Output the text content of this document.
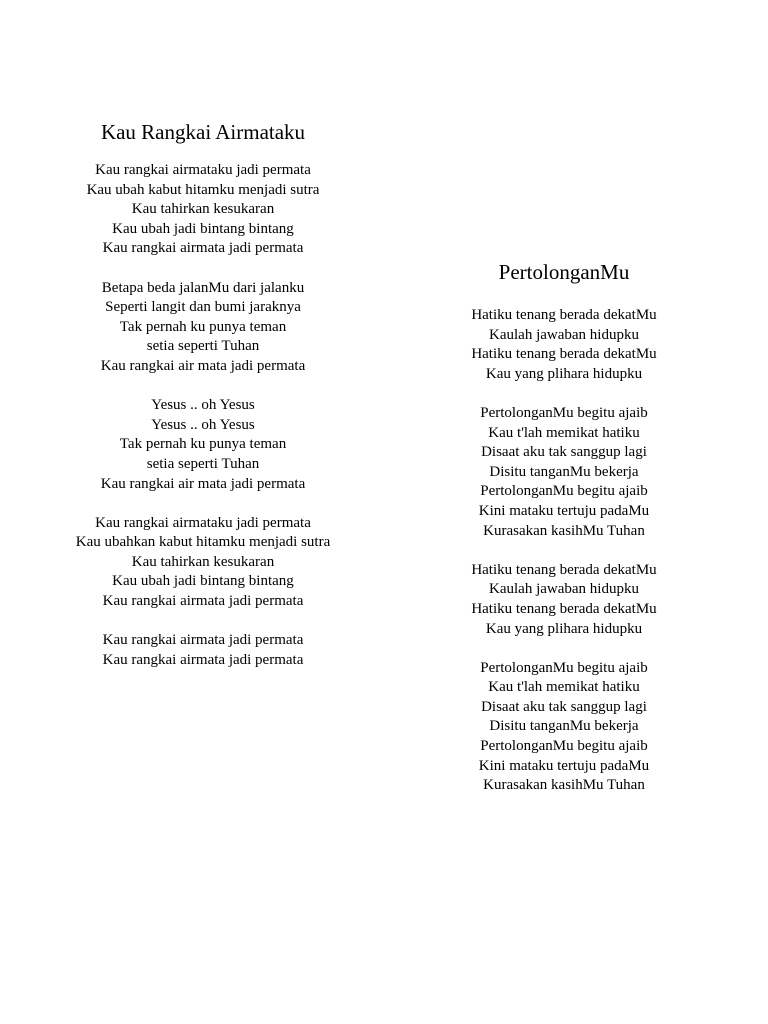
Kau Rangkai Airmataku
Kau rangkai airmataku jadi permata
Kau ubah kabut hitamku menjadi sutra
Kau tahirkan kesukaran
Kau ubah jadi bintang bintang
Kau rangkai airmata jadi permata
Betapa beda jalanMu dari jalanku
Seperti langit dan bumi jaraknya
Tak pernah ku punya teman
setia seperti Tuhan
Kau rangkai air mata jadi permata
Yesus .. oh Yesus
Yesus .. oh Yesus
Tak pernah ku punya teman
setia seperti Tuhan
Kau rangkai air mata jadi permata
Kau rangkai airmataku jadi permata
Kau ubahkan kabut hitamku menjadi sutra
Kau tahirkan kesukaran
Kau ubah jadi bintang bintang
Kau rangkai airmata jadi permata
Kau rangkai airmata jadi permata
Kau rangkai airmata jadi permata
PertolonganMu
Hatiku tenang berada dekatMu
Kaulah jawaban hidupku
Hatiku tenang berada dekatMu
Kau yang plihara hidupku
PertolonganMu begitu ajaib
Kau t'lah memikat hatiku
Disaat aku tak sanggup lagi
Disitu tanganMu bekerja
PertolonganMu begitu ajaib
Kini mataku tertuju padaMu
Kurasakan kasihMu Tuhan
Hatiku tenang berada dekatMu
Kaulah jawaban hidupku
Hatiku tenang berada dekatMu
Kau yang plihara hidupku
PertolonganMu begitu ajaib
Kau t'lah memikat hatiku
Disaat aku tak sanggup lagi
Disitu tanganMu bekerja
PertolonganMu begitu ajaib
Kini mataku tertuju padaMu
Kurasakan kasihMu Tuhan
